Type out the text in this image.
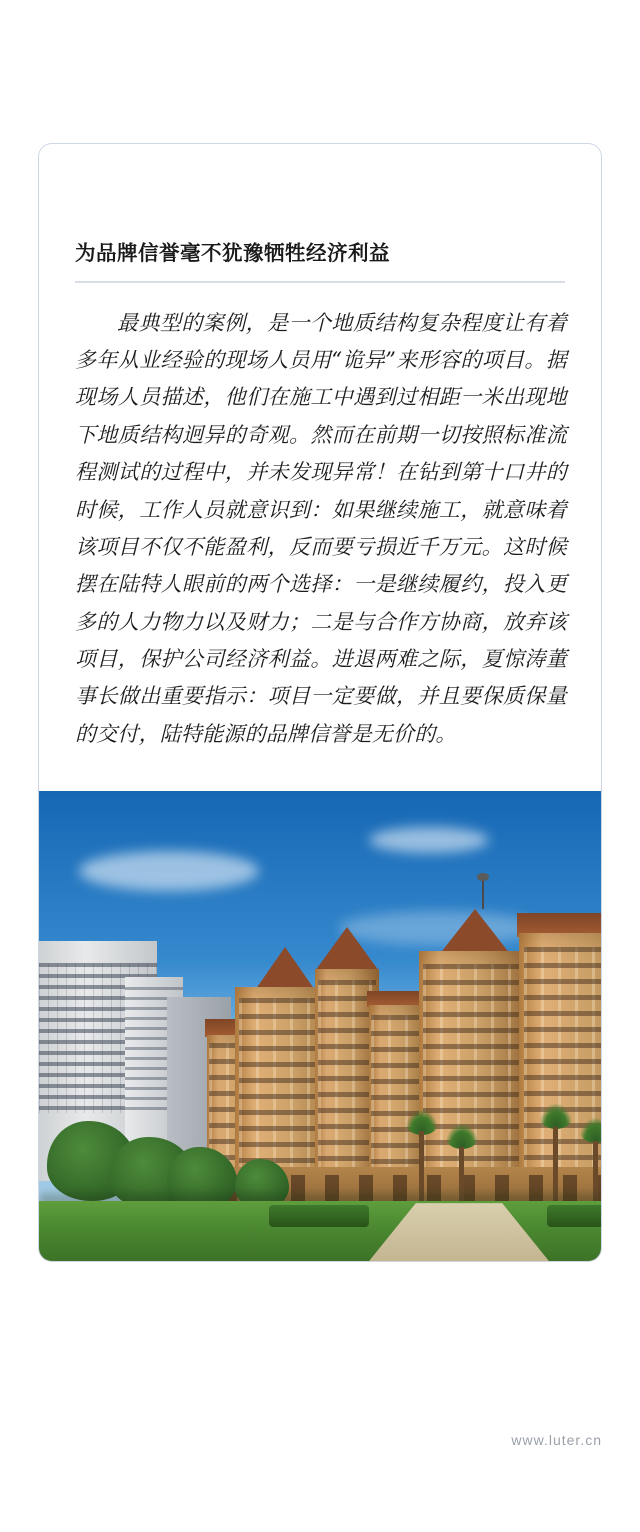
为品牌信誉毫不犹豫牺牲经济利益

最典型的案例，是一个地质结构复杂程度让有着多年从业经验的现场人员用“诡异”来形容的项目。据现场人员描述，他们在施工中遇到过相距一米出现地下地质结构迥异的奇观。然而在前期一切按照标准流程测试的过程中，并未发现异常！在钻到第十口井的时候，工作人员就意识到：如果继续施工，就意味着该项目不仅不能盈利，反而要亏损近千万元。这时候摆在陆特人眼前的两个选择：一是继续履约，投入更多的人力物力以及财力；二是与合作方协商，放弃该项目，保护公司经济利益。进退两难之际，夏惊涛董事长做出重要指示：项目一定要做，并且要保质保量的交付，陆特能源的品牌信誉是无价的。

www.luter.cn
